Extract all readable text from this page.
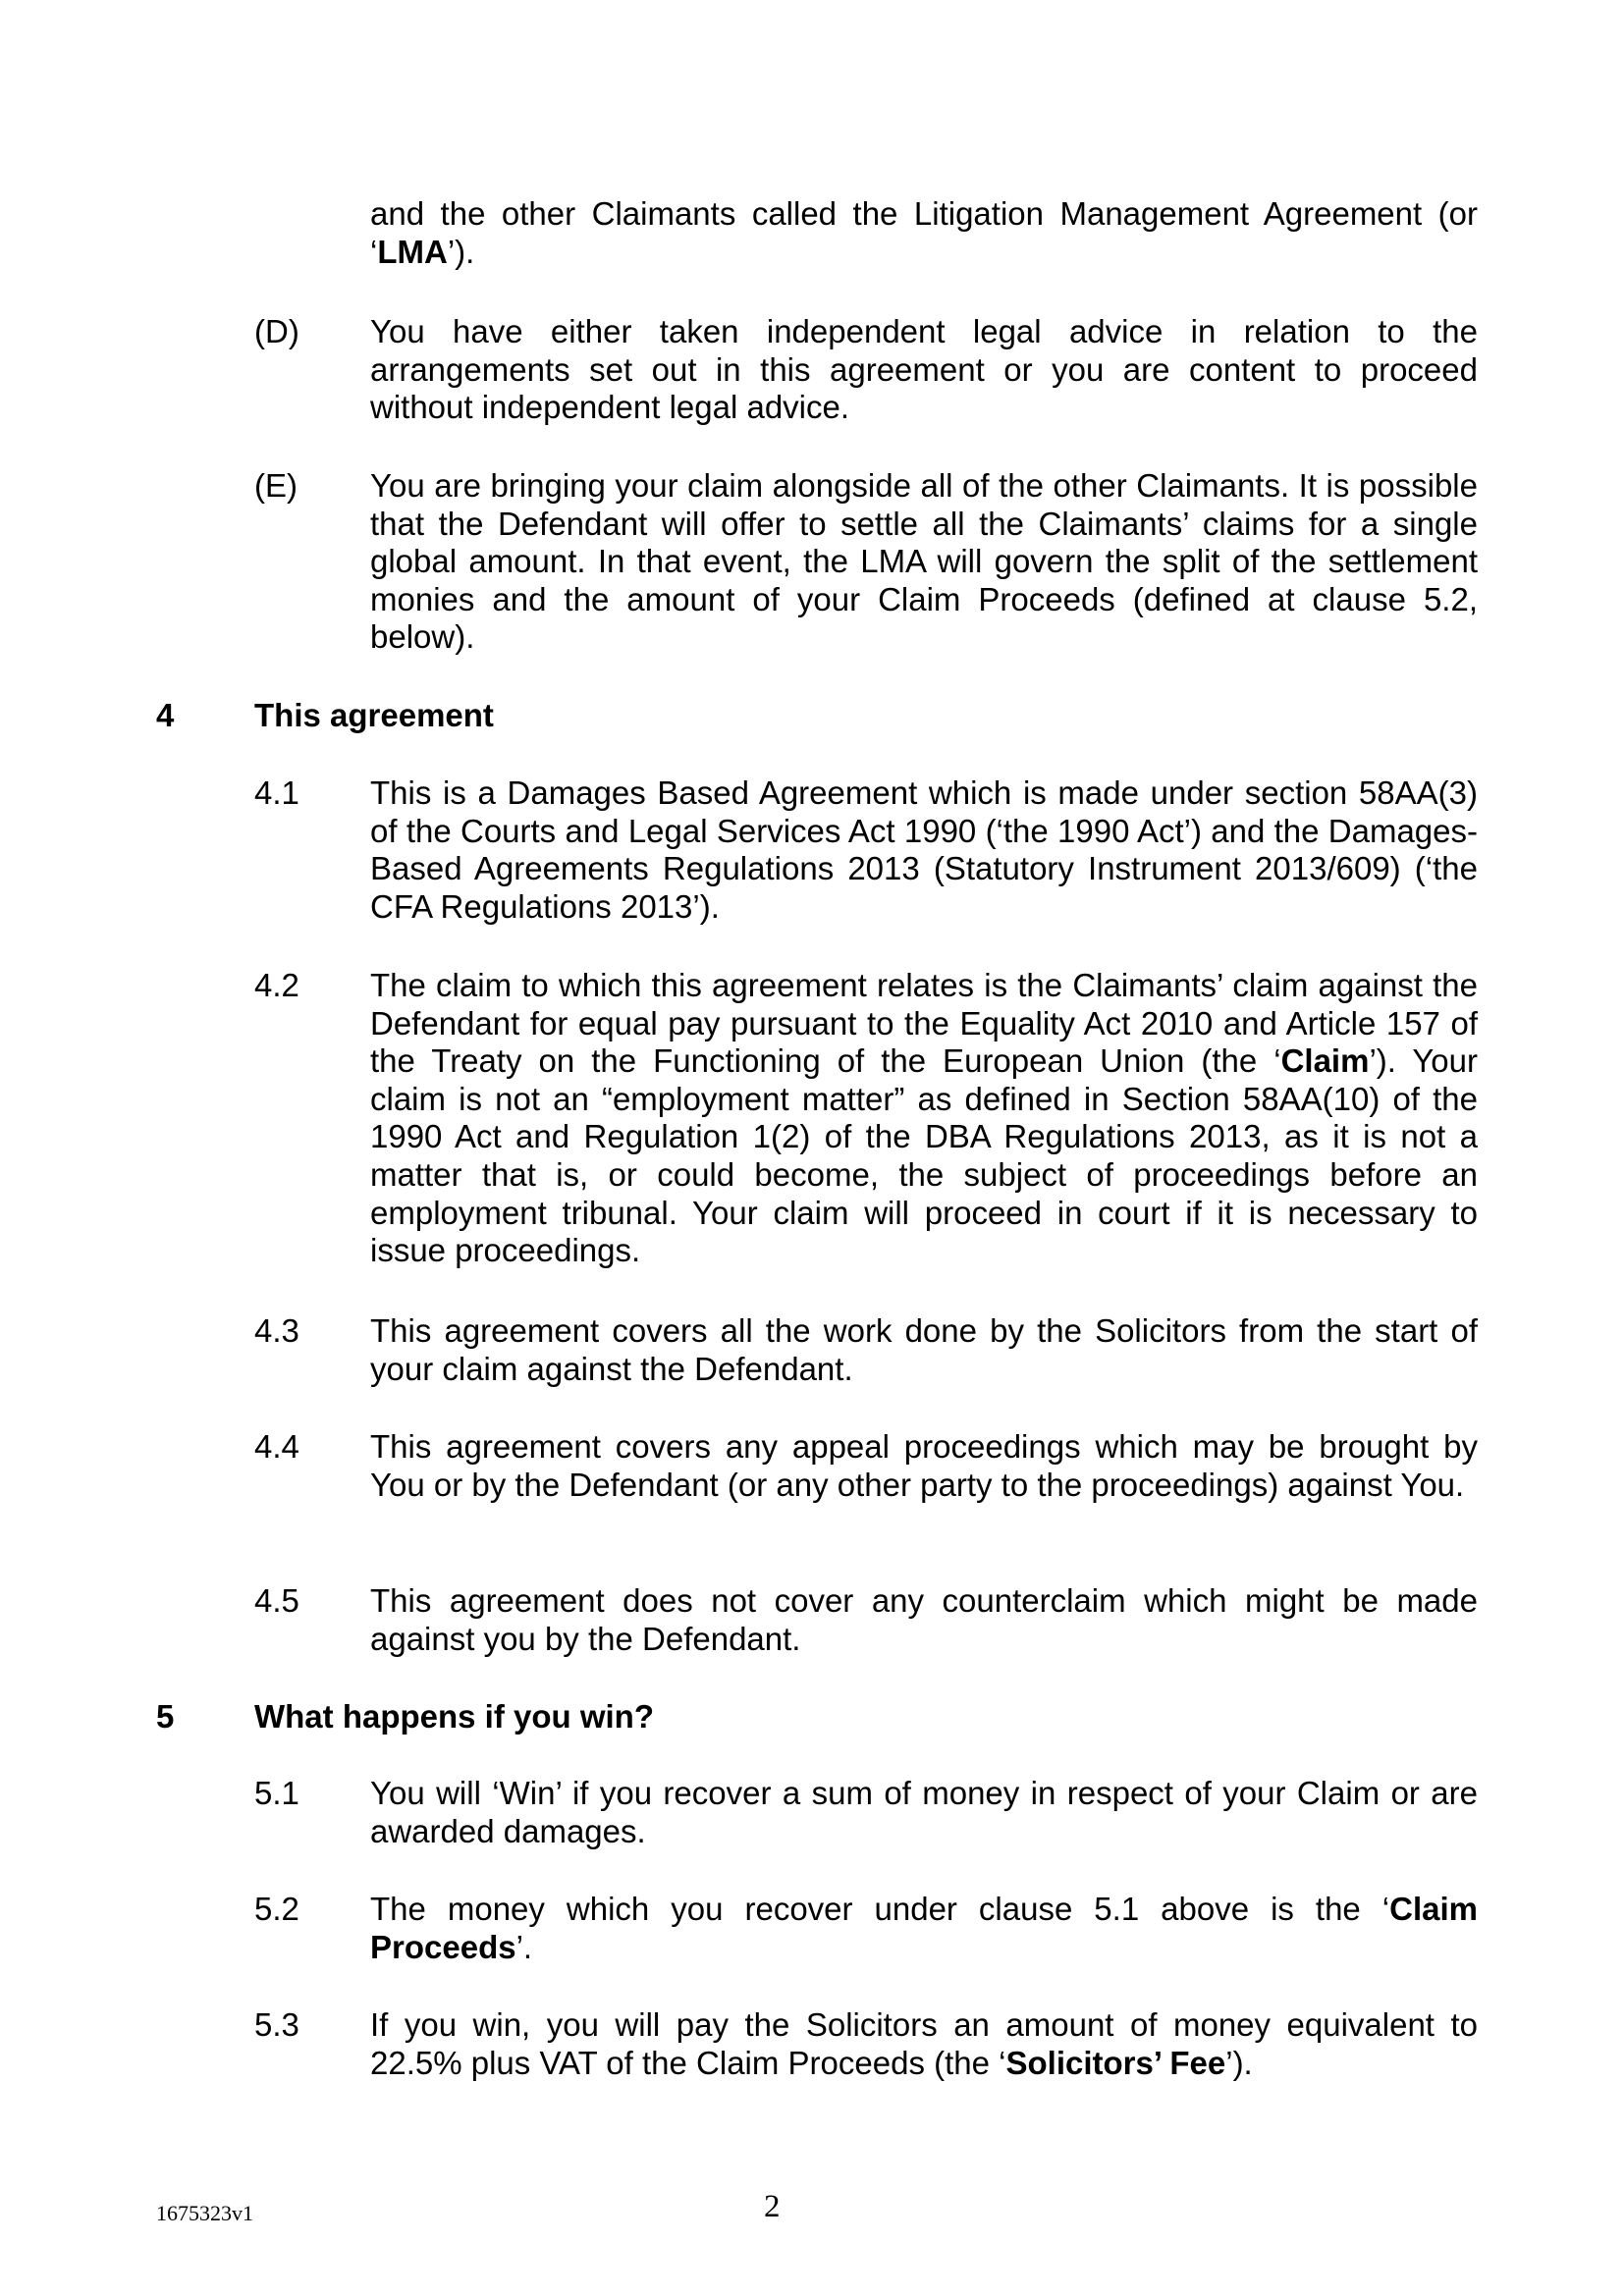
and the other Claimants called the Litigation Management Agreement (or ‘LMA’).

(D) You have either taken independent legal advice in relation to the arrangements set out in this agreement or you are content to proceed without independent legal advice.

(E) You are bringing your claim alongside all of the other Claimants. It is possible that the Defendant will offer to settle all the Claimants’ claims for a single global amount. In that event, the LMA will govern the split of the settlement monies and the amount of your Claim Proceeds (defined at clause 5.2, below).

4 This agreement
4.1 This is a Damages Based Agreement which is made under section 58AA(3) of the Courts and Legal Services Act 1990 (‘the 1990 Act’) and the Damages-Based Agreements Regulations 2013 (Statutory Instrument 2013/609) (‘the CFA Regulations 2013’).

4.2 The claim to which this agreement relates is the Claimants’ claim against the Defendant for equal pay pursuant to the Equality Act 2010 and Article 157 of the Treaty on the Functioning of the European Union (the ‘Claim’). Your claim is not an “employment matter” as defined in Section 58AA(10) of the 1990 Act and Regulation 1(2) of the DBA Regulations 2013, as it is not a matter that is, or could become, the subject of proceedings before an employment tribunal. Your claim will proceed in court if it is necessary to issue proceedings.

4.3 This agreement covers all the work done by the Solicitors from the start of your claim against the Defendant.

4.4 This agreement covers any appeal proceedings which may be brought by You or by the Defendant (or any other party to the proceedings) against You.

4.5 This agreement does not cover any counterclaim which might be made against you by the Defendant.

5 What happens if you win?
5.1 You will ‘Win’ if you recover a sum of money in respect of your Claim or are awarded damages.

5.2 The money which you recover under clause 5.1 above is the ‘Claim Proceeds’.

5.3 If you win, you will pay the Solicitors an amount of money equivalent to 22.5% plus VAT of the Claim Proceeds (the ‘Solicitors’ Fee’).

1675323v1	2
